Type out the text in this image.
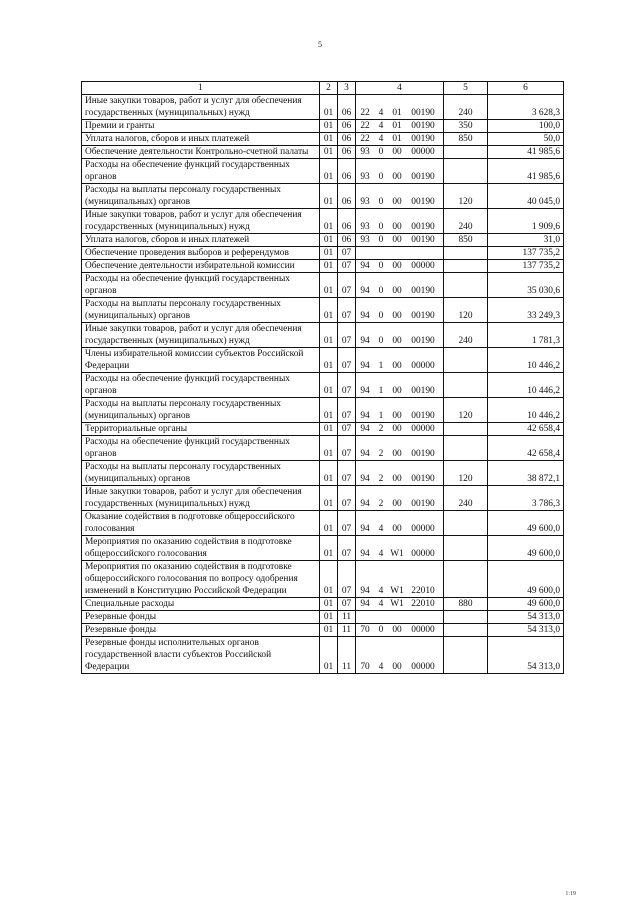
5
1	2	3	4	5	6
Иные закупки товаров, работ и услуг для обеспечения государственных (муниципальных) нужд	01	06	22 4 01 00190	240	3 628,3
Премии и гранты	01	06	22 4 01 00190	350	100,0
Уплата налогов, сборов и иных платежей	01	06	22 4 01 00190	850	50,0
Обеспечение деятельности Контрольно-счетной палаты	01	06	93 0 00 00000		41 985,6
Расходы на обеспечение функций государственных органов	01	06	93 0 00 00190		41 985,6
Расходы на выплаты персоналу государственных (муниципальных) органов	01	06	93 0 00 00190	120	40 045,0
Иные закупки товаров, работ и услуг для обеспечения государственных (муниципальных) нужд	01	06	93 0 00 00190	240	1 909,6
Уплата налогов, сборов и иных платежей	01	06	93 0 00 00190	850	31,0
Обеспечение проведения выборов и референдумов	01	07			137 735,2
Обеспечение деятельности избирательной комиссии	01	07	94 0 00 00000		137 735,2
Расходы на обеспечение функций государственных органов	01	07	94 0 00 00190		35 030,6
Расходы на выплаты персоналу государственных (муниципальных) органов	01	07	94 0 00 00190	120	33 249,3
Иные закупки товаров, работ и услуг для обеспечения государственных (муниципальных) нужд	01	07	94 0 00 00190	240	1 781,3
Члены избирательной комиссии субъектов Российской Федерации	01	07	94 1 00 00000		10 446,2
Расходы на обеспечение функций государственных органов	01	07	94 1 00 00190		10 446,2
Расходы на выплаты персоналу государственных (муниципальных) органов	01	07	94 1 00 00190	120	10 446,2
Территориальные органы	01	07	94 2 00 00000		42 658,4
Расходы на обеспечение функций государственных органов	01	07	94 2 00 00190		42 658,4
Расходы на выплаты персоналу государственных (муниципальных) органов	01	07	94 2 00 00190	120	38 872,1
Иные закупки товаров, работ и услуг для обеспечения государственных (муниципальных) нужд	01	07	94 2 00 00190	240	3 786,3
Оказание содействия в подготовке общероссийского голосования	01	07	94 4 00 00000		49 600,0
Мероприятия по оказанию содействия в подготовке общероссийского голосования	01	07	94 4 W1 00000		49 600,0
Мероприятия по оказанию содействия в подготовке общероссийского голосования по вопросу одобрения изменений в Конституцию Российской Федерации	01	07	94 4 W1 22010		49 600,0
Специальные расходы	01	07	94 4 W1 22010	880	49 600,0
Резервные фонды	01	11			54 313,0
Резервные фонды	01	11	70 0 00 00000		54 313,0
Резервные фонды исполнительных органов государственной власти субъектов Российской Федерации	01	11	70 4 00 00000		54 313,0
1:19
